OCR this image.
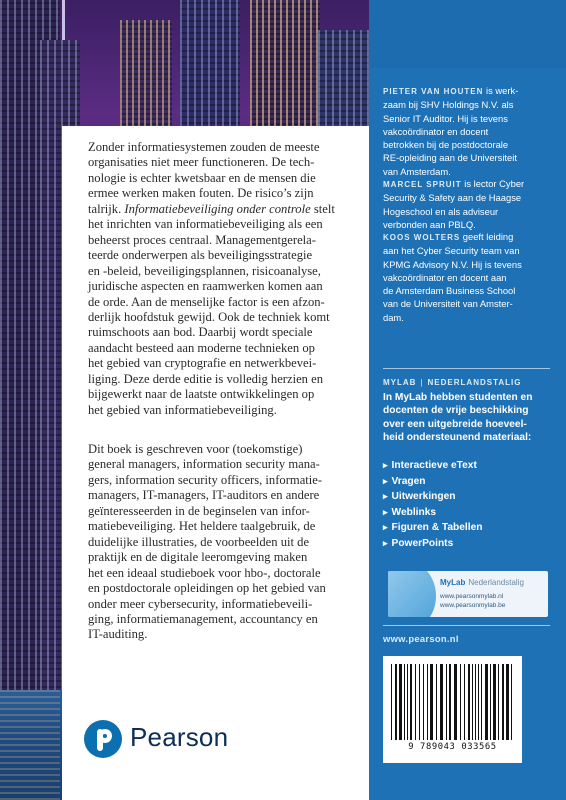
Zonder informatiesystemen zouden de meeste
organisaties niet meer functioneren. De tech-
nologie is echter kwetsbaar en de mensen die
ermee werken maken fouten. De risico’s zijn
talrijk. Informatiebeveiliging onder controle stelt
het inrichten van informatiebeveiliging als een
beheerst proces centraal. Managementgerela-
teerde onderwerpen als beveiligingsstrategie
en -beleid, beveiligingsplannen, risicoanalyse,
juridische aspecten en raamwerken komen aan
de orde. Aan de menselijke factor is een afzon-
derlijk hoofdstuk gewijd. Ook de techniek komt
ruimschoots aan bod. Daarbij wordt speciale
aandacht besteed aan moderne technieken op
het gebied van cryptografie en netwerkbevei-
liging. Deze derde editie is volledig herzien en
bijgewerkt naar de laatste ontwikkelingen op
het gebied van informatiebeveiliging.
Dit boek is geschreven voor (toekomstige)
general managers, information security mana-
gers, information security officers, informatie-
managers, IT-managers, IT-auditors en andere
geïnteresseerden in de beginselen van infor-
matiebeveiliging. Het heldere taalgebruik, de
duidelijke illustraties, de voorbeelden uit de
praktijk en de digitale leeromgeving maken
het een ideaal studieboek voor hbo-, doctorale
en postdoctorale opleidingen op het gebied van
onder meer cybersecurity, informatiebeveili-
ging, informatiemanagement, accountancy en
IT-auditing.
Pearson
PIETER VAN HOUTEN is werk-
zaam bij SHV Holdings N.V. als
Senior IT Auditor. Hij is tevens
vakcoördinator en docent
betrokken bij de postdoctorale
RE-opleiding aan de Universiteit
van Amsterdam.
MARCEL SPRUIT is lector Cyber
Security & Safety aan de Haagse
Hogeschool en als adviseur
verbonden aan PBLQ.
KOOS WOLTERS geeft leiding
aan het Cyber Security team van
KPMG Advisory N.V. Hij is tevens
vakcoördinator en docent aan
de Amsterdam Business School
van de Universiteit van Amster-
dam.
MYLAB | NEDERLANDSTALIG
In MyLab hebben studenten en
docenten de vrije beschikking
over een uitgebreide hoeveel-
heid ondersteunend materiaal:
▸ Interactieve eText
▸ Vragen
▸ Uitwerkingen
▸ Weblinks
▸ Figuren & Tabellen
▸ PowerPoints
MyLab Nederlandstalig
www.pearsonmylab.nl
www.pearsonmylab.be
www.pearson.nl
9 789043 033565
